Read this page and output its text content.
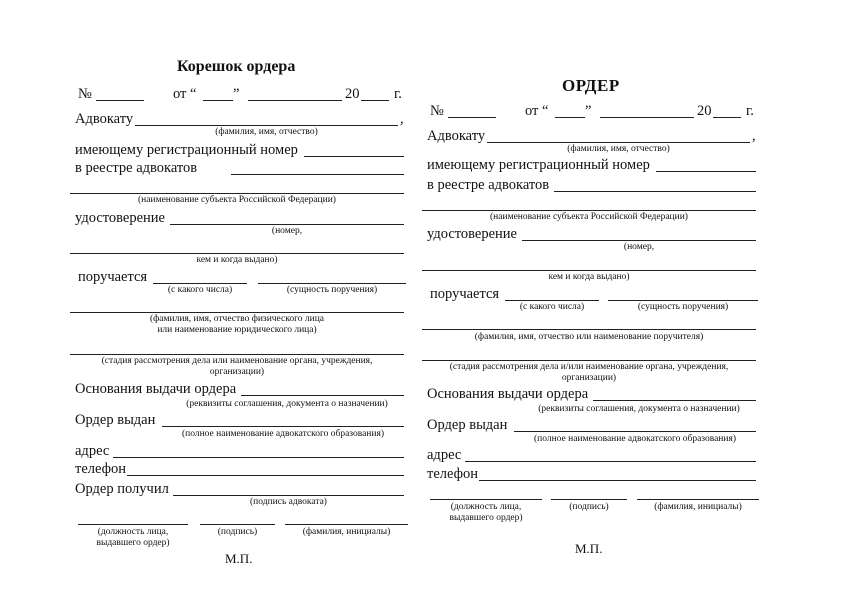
Корешок ордера
№	от “	”	20 г.
Адвокату	,
(фамилия, имя, отчество)
имеющему регистрационный номер
в реестре адвокатов
(наименование субъекта Российской Федерации)
удостоверение
(номер,
кем и когда выдано)
поручается
(с какого числа)	(сущность поручения)
(фамилия, имя, отчество физического лица
или наименование юридического лица)
(стадия рассмотрения дела или наименование органа, учреждения,
организации)
Основания выдачи ордера
(реквизиты соглашения, документа о назначении)
Ордер выдан
(полное наименование адвокатского образования)
адрес
телефон
Ордер получил
(подпись адвоката)
(должность лица,
выдавшего ордер)
(подпись)	(фамилия, инициалы)
М.П.
ОРДЕР
№	от “	”	20 г.
Адвокату	,
(фамилия, имя, отчество)
имеющему регистрационный номер
в реестре адвокатов
(наименование субъекта Российской Федерации)
удостоверение
(номер,
кем и когда выдано)
поручается
(с какого числа)	(сущность поручения)
(фамилия, имя, отчество или наименование поручителя)
(стадия рассмотрения дела и/или наименование органа, учреждения,
организации)
Основания выдачи ордера
(реквизиты соглашения, документа о назначении)
Ордер выдан
(полное наименование адвокатского образования)
адрес
телефон
(должность лица,
выдавшего ордер)
(подпись)	(фамилия, инициалы)
М.П.
